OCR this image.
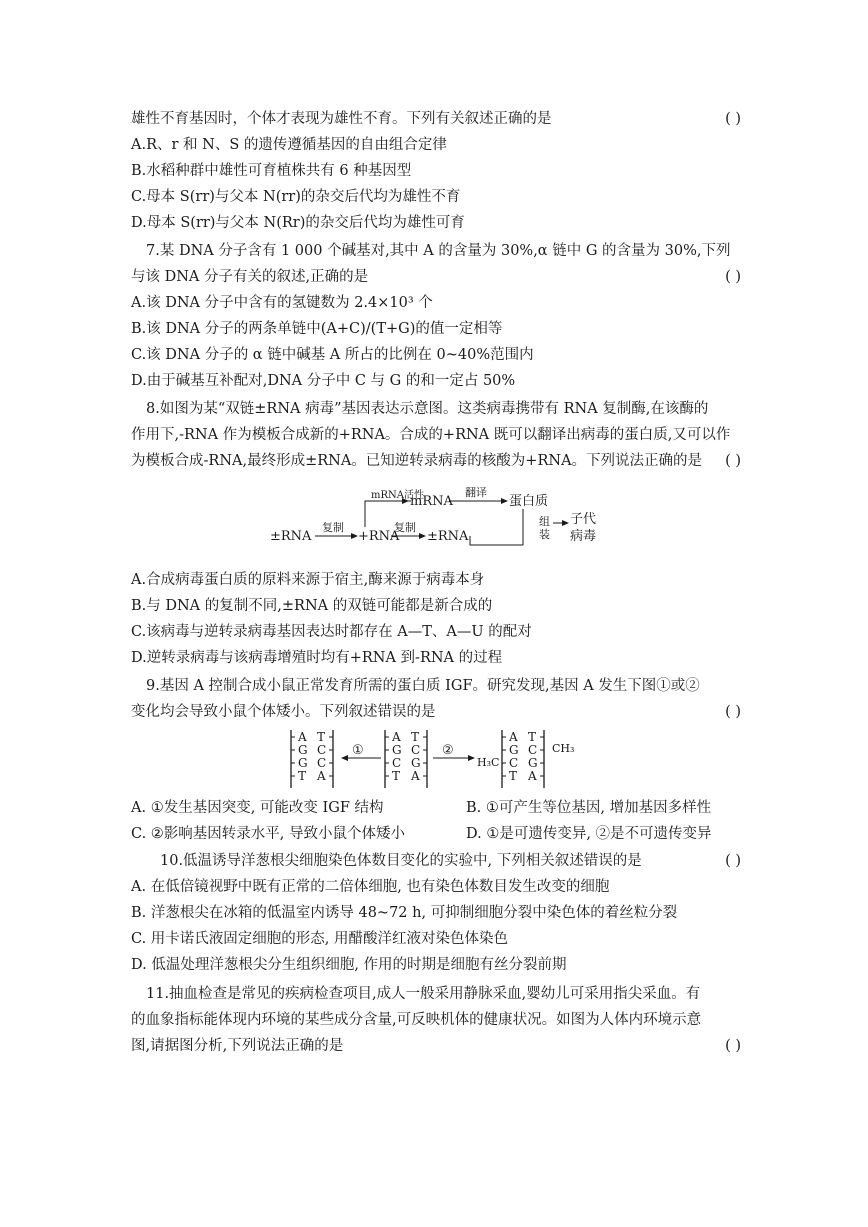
雄性不育基因时，个体才表现为雄性不育。下列有关叙述正确的是	( )
A.R、r 和 N、S 的遗传遵循基因的自由组合定律
B.水稻种群中雄性可育植株共有 6 种基因型
C.母本 S(rr)与父本 N(rr)的杂交后代均为雄性不育
D.母本 S(rr)与父本 N(Rr)的杂交后代均为雄性可育
7.某 DNA 分子含有 1 000 个碱基对,其中 A 的含量为 30%,α 链中 G 的含量为 30%,下列
与该 DNA 分子有关的叙述,正确的是	( )
A.该 DNA 分子中含有的氢键数为 2.4×10³ 个
B.该 DNA 分子的两条单链中(A+C)/(T+G)的值一定相等
C.该 DNA 分子的 α 链中碱基 A 所占的比例在 0~40%范围内
D.由于碱基互补配对,DNA 分子中 C 与 G 的和一定占 50%
8.如图为某“双链±RNA 病毒”基因表达示意图。这类病毒携带有 RNA 复制酶,在该酶的
作用下,-RNA 作为模板合成新的+RNA。合成的+RNA 既可以翻译出病毒的蛋白质,又可以作
为模板合成-RNA,最终形成±RNA。已知逆转录病毒的核酸为+RNA。下列说法正确的是 ( )
±RNA
复制
+RNA
复制
±RNA
mRNA活性
mRNA
翻译
蛋白质
组
装
子代
病毒
A.合成病毒蛋白质的原料来源于宿主,酶来源于病毒本身
B.与 DNA 的复制不同,±RNA 的双链可能都是新合成的
C.该病毒与逆转录病毒基因表达时都存在 A—T、A—U 的配对
D.逆转录病毒与该病毒增殖时均有+RNA 到-RNA 的过程
9.基因 A 控制合成小鼠正常发育所需的蛋白质 IGF。研究发现,基因 A 发生下图①或②
变化均会导致小鼠个体矮小。下列叙述错误的是	( )
A T
G C
G C
T A
①
A T
G C
C G
T A
②
H₃C
A T
G C
C G
T A
CH₃
A. ①发生基因突变, 可能改变 IGF 结构	B. ①可产生等位基因, 增加基因多样性
C. ②影响基因转录水平, 导致小鼠个体矮小	D. ①是可遗传变异, ②是不可遗传变异
10.低温诱导洋葱根尖细胞染色体数目变化的实验中, 下列相关叙述错误的是	( )
A. 在低倍镜视野中既有正常的二倍体细胞, 也有染色体数目发生改变的细胞
B. 洋葱根尖在冰箱的低温室内诱导 48~72 h, 可抑制细胞分裂中染色体的着丝粒分裂
C. 用卡诺氏液固定细胞的形态, 用醋酸洋红液对染色体染色
D. 低温处理洋葱根尖分生组织细胞, 作用的时期是细胞有丝分裂前期
11.抽血检查是常见的疾病检查项目,成人一般采用静脉采血,婴幼儿可采用指尖采血。有
的血象指标能体现内环境的某些成分含量,可反映机体的健康状况。如图为人体内环境示意
图,请据图分析,下列说法正确的是	( )
